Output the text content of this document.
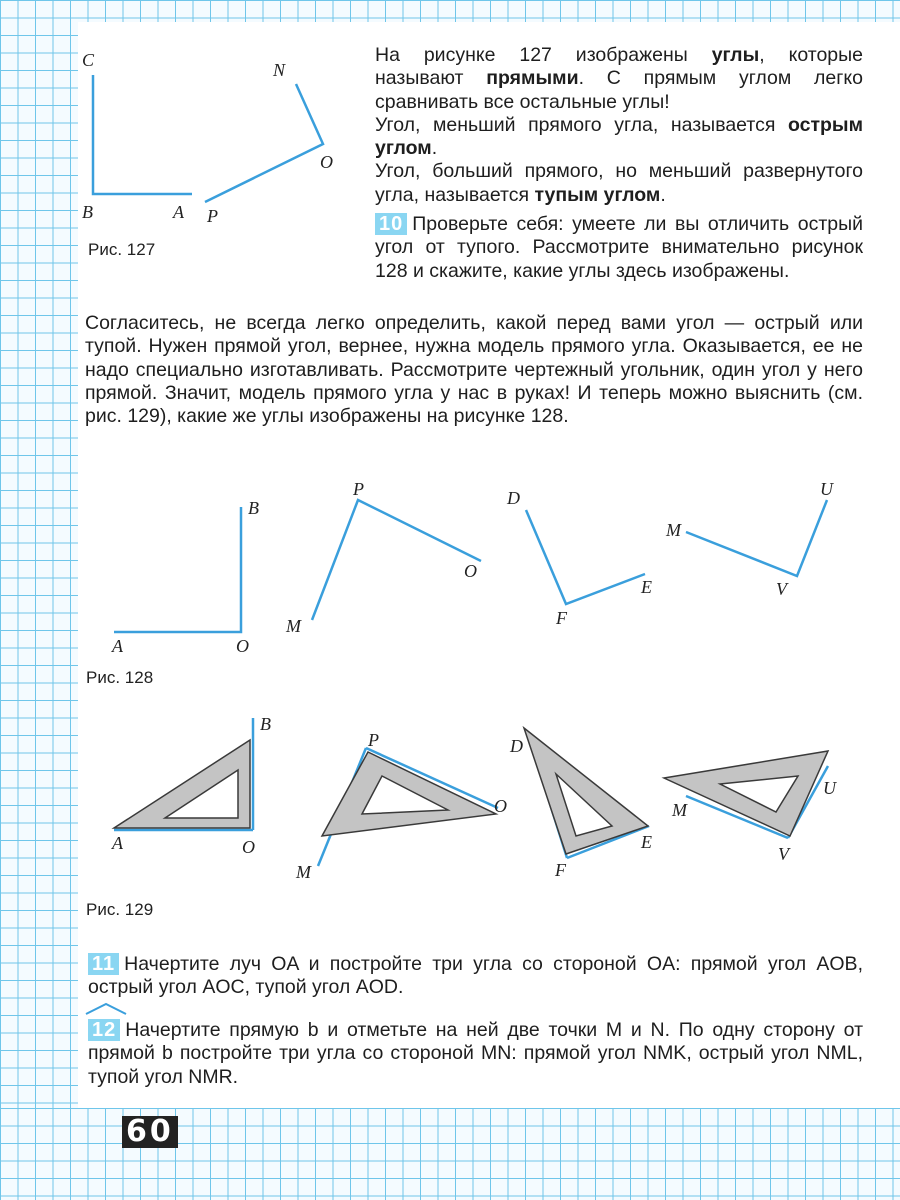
На рисунке 127 изображены углы, которые называют прямыми. С прямым углом легко сравнивать все остальные углы!
Угол, меньший прямого угла, называется острым углом.
Угол, больший прямого, но меньший развернутого угла, называется тупым углом.
10 Проверьте себя: умеете ли вы отличить острый угол от тупого. Рассмотрите внимательно рисунок 128 и скажите, какие углы здесь изображены.
Согласитесь, не всегда легко определить, какой перед вами угол — острый или тупой. Нужен прямой угол, вернее, нужна модель прямого угла. Оказывается, ее не надо специально изготавливать. Рассмотрите чертежный угольник, один угол у него прямой. Значит, модель прямого угла у нас в руках! И теперь можно выяснить (см. рис. 129), какие же углы изображены на рисунке 128.
Рис. 127
Рис. 128
Рис. 129
C
B	A
N
O
P
B
A	O
P
M
O
D
F
E
U
M
V
B
A	O
P
M
O
D
F
E
U
M
V
11 Начертите луч OA и постройте три угла со стороной OA: прямой угол AOB, острый угол AOC, тупой угол AOD.
12 Начертите прямую b и отметьте на ней две точки M и N. По одну сторону от прямой b постройте три угла со стороной MN: прямой угол NMK, острый угол NML, тупой угол NMR.
60
